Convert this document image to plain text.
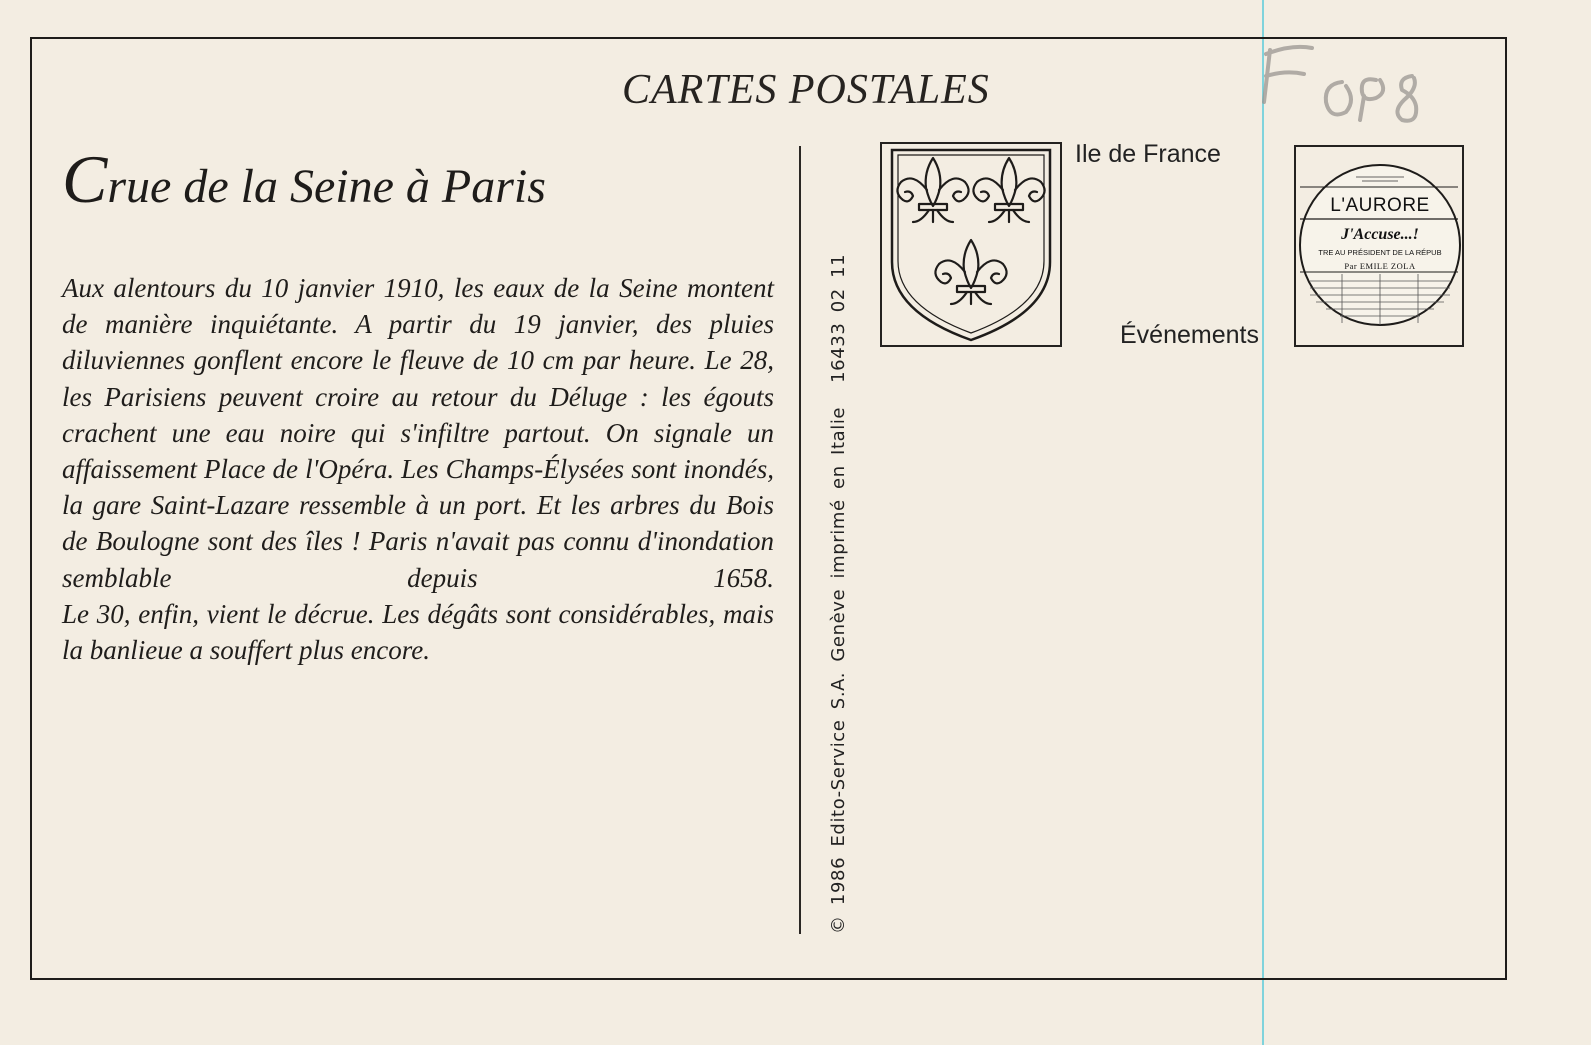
CARTES POSTALES
Crue de la Seine à Paris

Aux alentours du 10 janvier 1910, les eaux de la Seine montent de manière inquiétante. A partir du 19 janvier, des pluies diluviennes gonflent encore le fleuve de 10 cm par heure. Le 28, les Parisiens peuvent croire au retour du Déluge : les égouts crachent une eau noire qui s'infiltre partout. On signale un affaissement Place de l'Opéra. Les Champs-Élysées sont inondés, la gare Saint-Lazare ressemble à un port. Et les arbres du Bois de Boulogne sont des îles ! Paris n'avait pas connu d'inondation semblable depuis 1658.

Le 30, enfin, vient le décrue. Les dégâts sont considérables, mais la banlieue a souffert plus encore.	© 1986 Edito-Service S.A. Genève imprimé en Italie16433 02 11
Ile de France
Événements
L'AURORE
J'Accuse...!
TRE AU PRÉSIDENT DE LA RÉPUB
Par EMILE ZOLA
